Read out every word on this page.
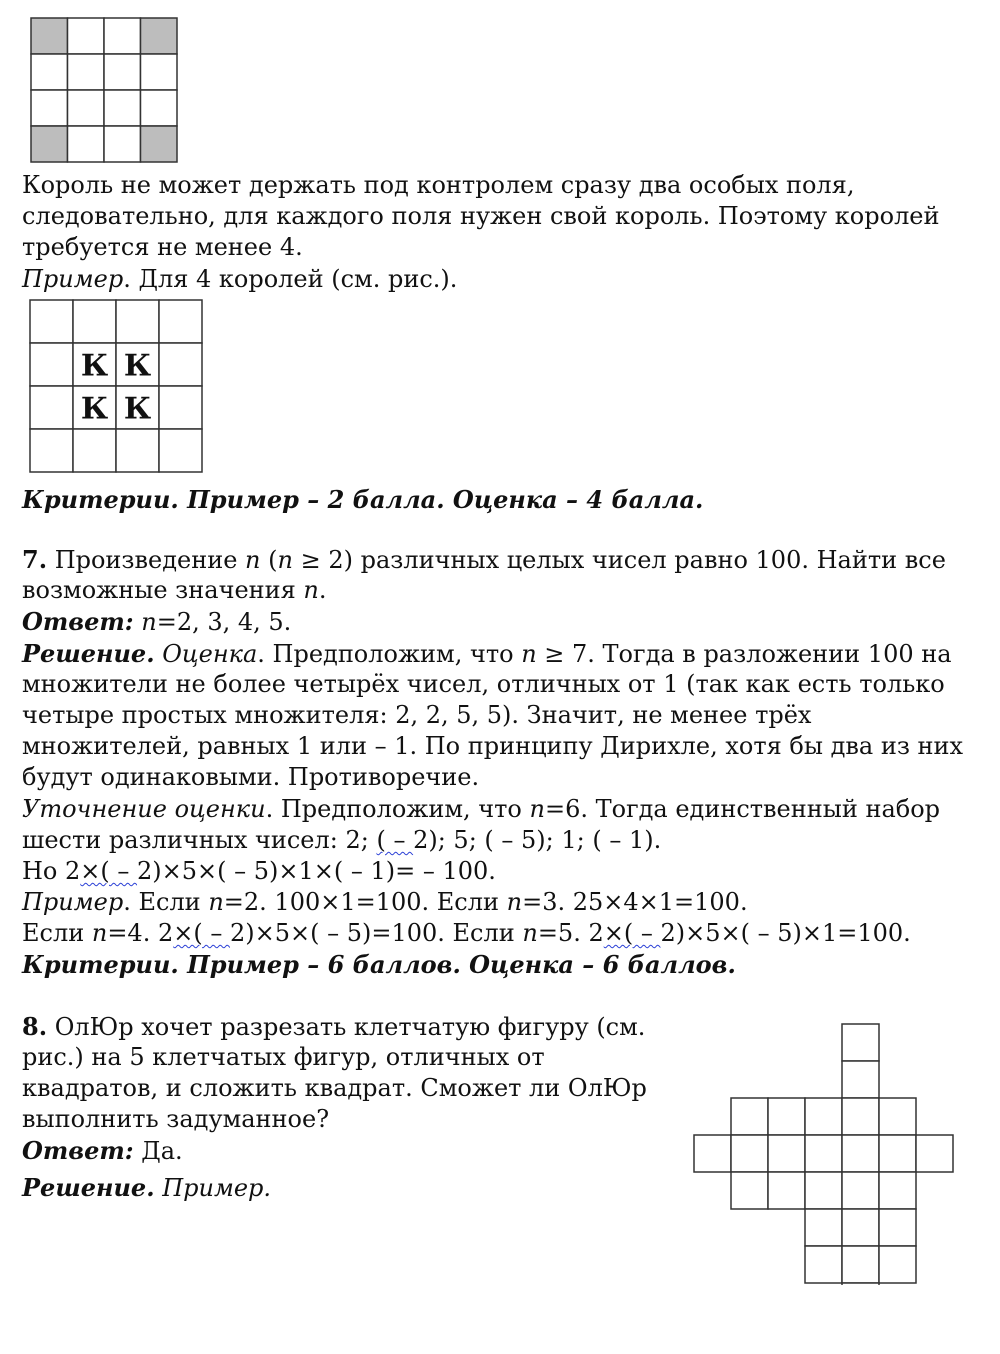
Король не может держать под контролем сразу два особых поля,
следовательно, для каждого поля нужен свой король. Поэтому королей
требуется не менее 4.
Пример. Для 4 королей (см. рис.).
К К
К К
Критерии. Пример – 2 балла. Оценка – 4 балла.
7. Произведение n (n ≥ 2) различных целых чисел равно 100. Найти все
возможные значения n.
Ответ: n=2, 3, 4, 5.
Решение. Оценка. Предположим, что n ≥ 7. Тогда в разложении 100 на
множители не более четырёх чисел, отличных от 1 (так как есть только
четыре простых множителя: 2, 2, 5, 5). Значит, не менее трёх
множителей, равных 1 или – 1. По принципу Дирихле, хотя бы два из них
будут одинаковыми. Противоречие.
Уточнение оценки. Предположим, что n=6. Тогда единственный набор
шести различных чисел: 2; ( – 2); 5; ( – 5); 1; ( – 1).
Но 2×( – 2)×5×( – 5)×1×( – 1)= – 100.
Пример. Если n=2. 100×1=100. Если n=3. 25×4×1=100.
Если n=4. 2×( – 2)×5×( – 5)=100. Если n=5. 2×( – 2)×5×( – 5)×1=100.
Критерии. Пример – 6 баллов. Оценка – 6 баллов.
8. ОлЮр хочет разрезать клетчатую фигуру (см.
рис.) на 5 клетчатых фигур, отличных от
квадратов, и сложить квадрат. Сможет ли ОлЮр
выполнить задуманное?
Ответ: Да.
Решение. Пример.
